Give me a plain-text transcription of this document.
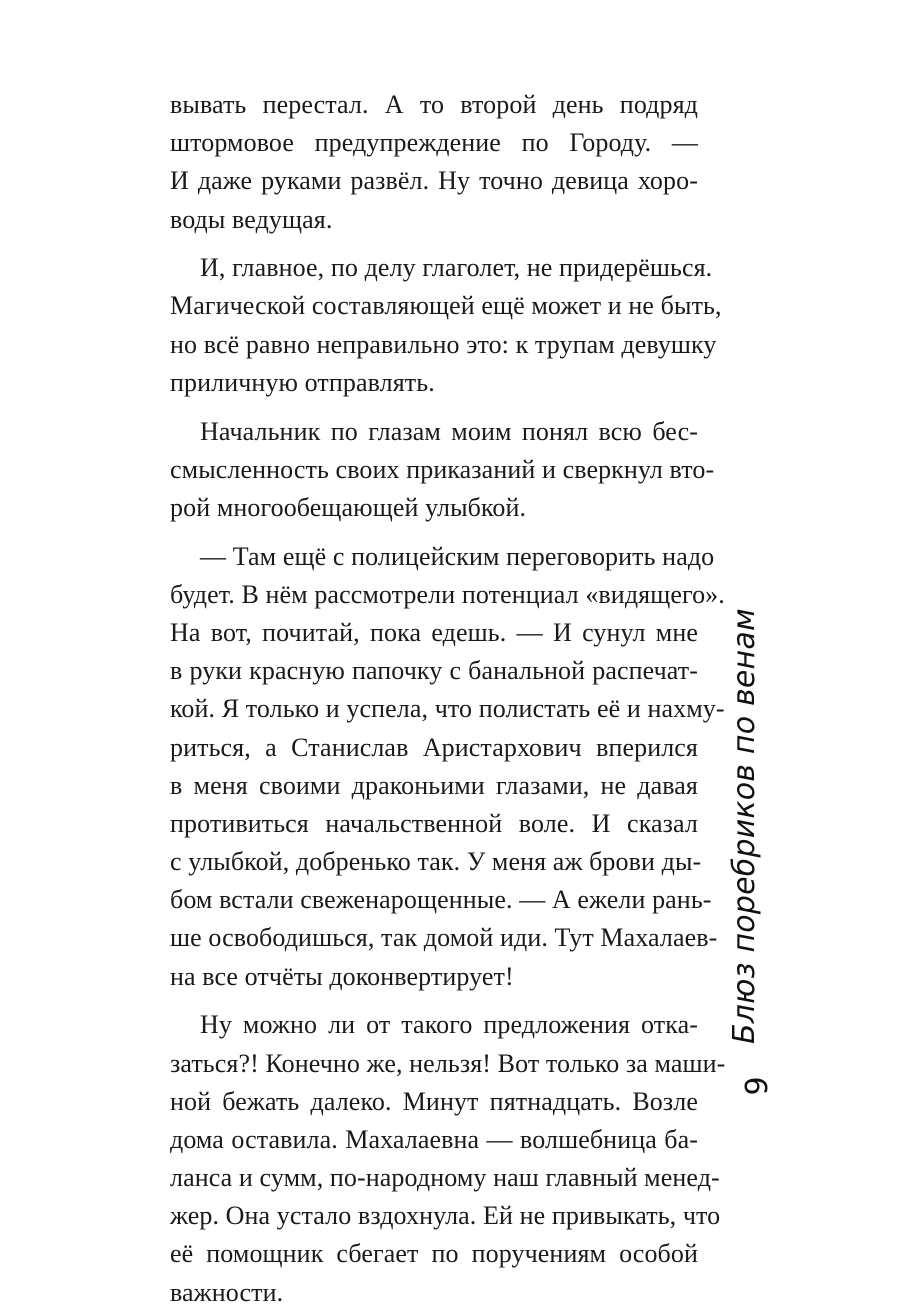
вывать перестал. А то второй день подряд
штормовое предупреждение по Городу. —
И даже руками развёл. Ну точно девица хоро-
воды ведущая.
И, главное, по делу глаголет, не придерёшься.
Магической составляющей ещё может и не быть,
но всё равно неправильно это: к трупам девушку
приличную отправлять.
Начальник по глазам моим понял всю бес-
смысленность своих приказаний и сверкнул вто-
рой многообещающей улыбкой.
— Там ещё с полицейским переговорить надо
будет. В нём рассмотрели потенциал «видящего».
На вот, почитай, пока едешь. — И сунул мне
в руки красную папочку с банальной распечат-
кой. Я только и успела, что полистать её и нахму-
риться, а Станислав Аристархович вперился
в меня своими драконьими глазами, не давая
противиться начальственной воле. И сказал
с улыбкой, добренько так. У меня аж брови ды-
бом встали свеженарощенные. — А ежели рань-
ше освободишься, так домой иди. Тут Махалаев-
на все отчёты доконвертирует!
Ну можно ли от такого предложения отка-
заться?! Конечно же, нельзя! Вот только за маши-
ной бежать далеко. Минут пятнадцать. Возле
дома оставила. Махалаевна — волшебница ба-
ланса и сумм, по-народному наш главный менед-
жер. Она устало вздохнула. Ей не привыкать, что
её помощник сбегает по поручениям особой
важности.
Блюз поребриков по венам
9
